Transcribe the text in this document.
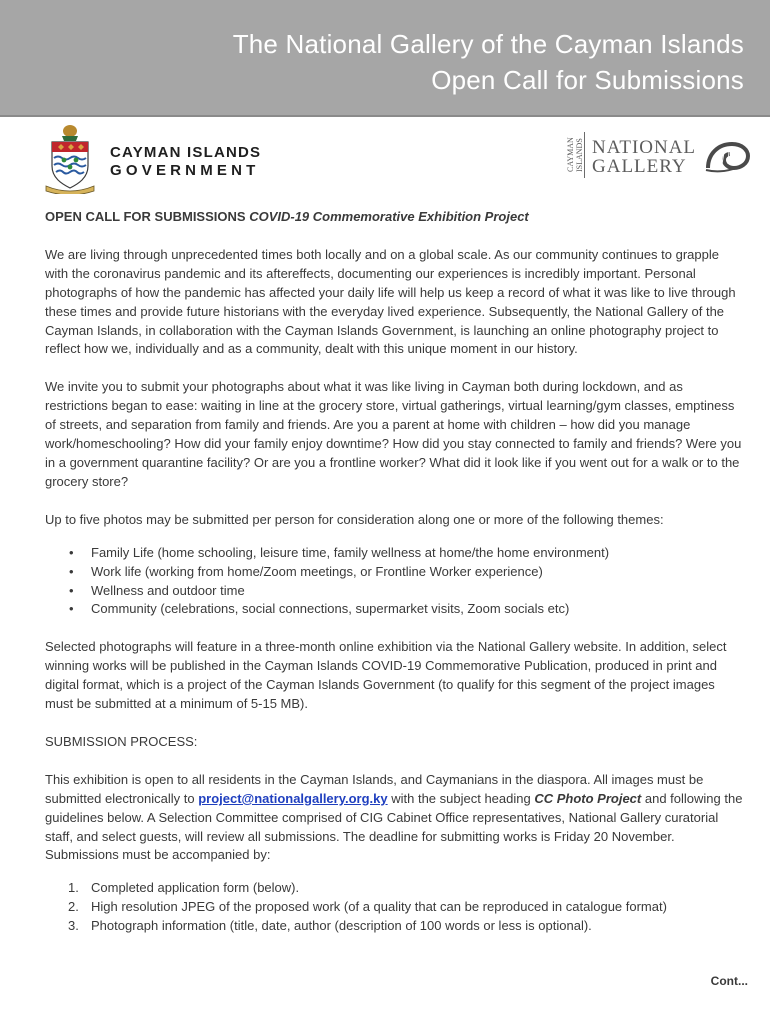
The National Gallery of the Cayman Islands
Open Call for Submissions
CAYMAN ISLANDS
GOVERNMENT	CAYMAN ISLANDS NATIONAL
GALLERY
OPEN CALL FOR SUBMISSIONS COVID-19 Commemorative Exhibition Project

We are living through unprecedented times both locally and on a global scale. As our community continues to grapple with the coronavirus pandemic and its aftereffects, documenting our experiences is incredibly important. Personal photographs of how the pandemic has affected your daily life will help us keep a record of what it was like to live through these times and provide future historians with the everyday lived experience. Subsequently, the National Gallery of the Cayman Islands, in collaboration with the Cayman Islands Government, is launching an online photography project to reflect how we, individually and as a community, dealt with this unique moment in our history.

We invite you to submit your photographs about what it was like living in Cayman both during lockdown, and as restrictions began to ease: waiting in line at the grocery store, virtual gatherings, virtual learning/gym classes, emptiness of streets, and separation from family and friends. Are you a parent at home with children – how did you manage work/homeschooling? How did your family enjoy downtime? How did you stay connected to family and friends? Were you in a government quarantine facility? Or are you a frontline worker? What did it look like if you went out for a walk or to the grocery store?

Up to five photos may be submitted per person for consideration along one or more of the following themes:

• Family Life (home schooling, leisure time, family wellness at home/the home environment)
• Work life (working from home/Zoom meetings, or Frontline Worker experience)
• Wellness and outdoor time
• Community (celebrations, social connections, supermarket visits, Zoom socials etc)

Selected photographs will feature in a three-month online exhibition via the National Gallery website. In addition, select winning works will be published in the Cayman Islands COVID-19 Commemorative Publication, produced in print and digital format, which is a project of the Cayman Islands Government (to qualify for this segment of the project images must be submitted at a minimum of 5-15 MB).

SUBMISSION PROCESS:

This exhibition is open to all residents in the Cayman Islands, and Caymanians in the diaspora. All images must be submitted electronically to project@nationalgallery.org.ky with the subject heading CC Photo Project and following the guidelines below. A Selection Committee comprised of CIG Cabinet Office representatives, National Gallery curatorial staff, and select guests, will review all submissions. The deadline for submitting works is Friday 20 November. Submissions must be accompanied by:

1. Completed application form (below).
2. High resolution JPEG of the proposed work (of a quality that can be reproduced in catalogue format)
3. Photograph information (title, date, author (description of 100 words or less is optional).
Cont...
